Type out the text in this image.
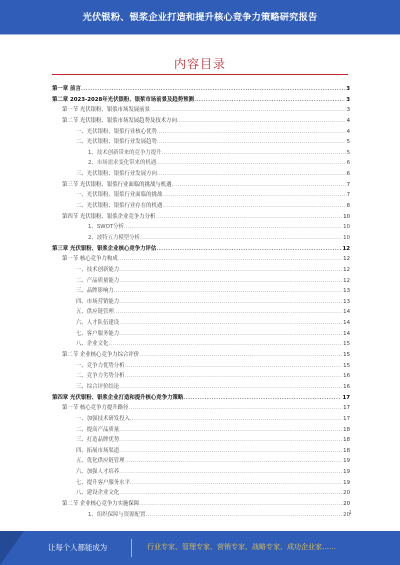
光伏银粉、银浆企业打造和提升核心竞争力策略研究报告
内容目录
第一章 前言 .....	3
第二章 2023-2028年光伏银粉、银浆市场前景及趋势预测 .....	3
第一节 光伏银粉、银浆市场发展前景 .....	3
第二节 光伏银粉、银浆市场发展趋势及技术方向 .....	4
一、光伏银粉、银浆行业核心优势 .....	4
二、光伏银粉、银浆行业发展趋势 .....	5
1、技术创新带来的竞争力提升 .....	5
2、市场需求变化带来的机遇 .....	6
三、光伏银粉、银浆行业发展方向 .....	6
第三节 光伏银粉、银浆行业面临的挑战与机遇 .....	7
一、光伏银粉、银浆行业面临的挑战 .....	7
二、光伏银粉、银浆行业存在的机遇 .....	8
第四节 光伏银粉、银浆企业竞争力分析 .....	10
1、SWOT分析 .....	10
2、波特五力模型分析 .....	10
第三章 光伏银粉、银浆企业核心竞争力评估 .....	12
第一节 核心竞争力构成 .....	12
一、技术创新能力 .....	12
二、产品质量能力 .....	12
三、品牌影响力 .....	13
四、市场营销能力 .....	13
五、供应链管理 .....	14
六、人才队伍建设 .....	14
七、客户服务能力 .....	14
八、企业文化 .....	15
第二节 企业核心竞争力综合评价 .....	15
一、竞争力优势分析 .....	15
二、竞争力劣势分析 .....	16
三、综合评价结论 .....	16
第四章 光伏银粉、银浆企业打造和提升核心竞争力策略 .....	17
第一节 核心竞争力提升路径 .....	17
一、加强技术研发投入 .....	17
二、提高产品质量 .....	18
三、打造品牌优势 .....	18
四、拓展市场渠道 .....	18
五、优化供应链管理 .....	19
六、加强人才培养 .....	19
七、提升客户服务水平 .....	19
八、建设企业文化 .....	20
第二节 企业核心竞争力实施保障 .....	20
1、组织保障与资源配置 .....	20
1
让每个人都能成为	行业专家、管理专家、营销专家、战略专家、成功企业家……
